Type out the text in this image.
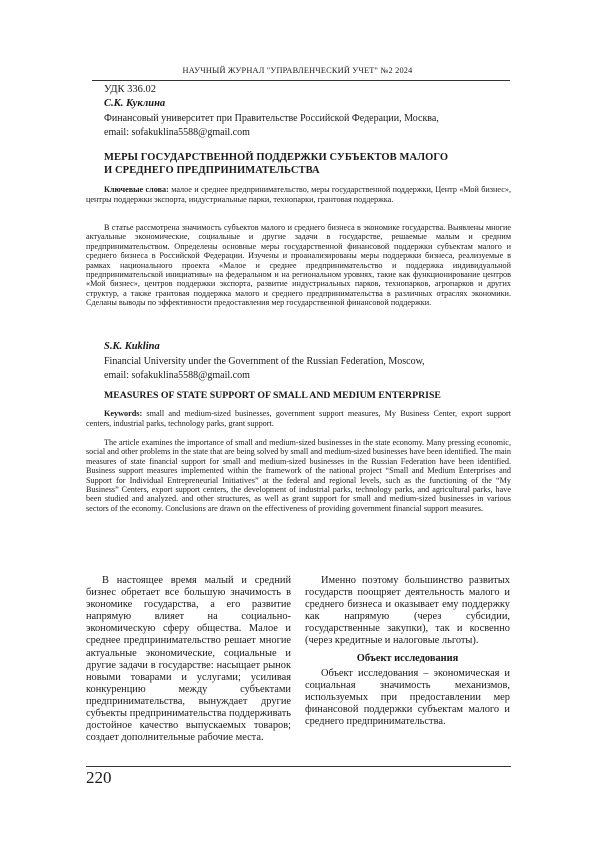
НАУЧНЫЙ ЖУРНАЛ "УПРАВЛЕНЧЕСКИЙ УЧЕТ" №2 2024
УДК 336.02
С.К. Куклина
Финансовый университет при Правительстве Российской Федерации, Москва,
email: sofakuklina5588@gmail.com
МЕРЫ ГОСУДАРСТВЕННОЙ ПОДДЕРЖКИ СУБЪЕКТОВ МАЛОГО
И СРЕДНЕГО ПРЕДПРИНИМАТЕЛЬСТВА
Ключевые слова: малое и среднее предпринимательство, меры государственной поддержки, Центр «Мой бизнес», центры поддержки экспорта, индустриальные парки, технопарки, грантовая поддержка.
В статье рассмотрена значимость субъектов малого и среднего бизнеса в экономике государства. Выявлены многие актуальные экономические, социальные и другие задачи в государстве, решаемые малым и средним предпринимательством. Определены основные меры государственной финансовой поддержки субъектам малого и среднего бизнеса в Российской Федерации. Изучены и проанализированы меры поддержки бизнеса, реализуемые в рамках национального проекта «Малое и среднее предпринимательство и поддержка индивидуальной предпринимательской инициативы» на федеральном и на региональном уровнях, такие как функционирование центров «Мой бизнес», центров поддержки экспорта, развитие индустриальных парков, технопарков, агропарков и других структур, а также грантовая поддержка малого и среднего предпринимательства в различных отраслях экономики. Сделаны выводы по эффективности предоставления мер государственной финансовой поддержки.
S.K. Kuklina
Financial University under the Government of the Russian Federation, Moscow,
email: sofakuklina5588@gmail.com
MEASURES OF STATE SUPPORT OF SMALL AND MEDIUM ENTERPRISE
Keywords: small and medium-sized businesses, government support measures, My Business Center, export support centers, industrial parks, technology parks, grant support.
The article examines the importance of small and medium-sized businesses in the state economy. Many pressing economic, social and other problems in the state that are being solved by small and medium-sized businesses have been identified. The main measures of state financial support for small and medium-sized businesses in the Russian Federation have been identified. Business support measures implemented within the framework of the national project “Small and Medium Enterprises and Support for Individual Entrepreneurial Initiatives” at the federal and regional levels, such as the functioning of the “My Business” Centers, export support centers, the development of industrial parks, technology parks, and agricultural parks, have been studied and analyzed. and other structures, as well as grant support for small and medium-sized businesses in various sectors of the economy. Conclusions are drawn on the effectiveness of providing government financial support measures.

В настоящее время малый и средний бизнес обретает все большую значимость в экономике государства, а его развитие напрямую влияет на социально-экономическую сферу общества. Малое и среднее предпринимательство решает многие актуальные экономические, социальные и другие задачи в государстве: насыщает рынок новыми товарами и услугами; усиливая конкуренцию между субъектами предпринимательства, вынуждает другие субъекты предпринимательства поддерживать достойное качество выпускаемых товаров; создает дополнительные рабочие места.

Именно поэтому большинство развитых государств поощряет деятельность малого и среднего бизнеса и оказывает ему поддержку как напрямую (через субсидии, государственные закупки), так и косвенно (через кредитные и налоговые льготы).

Объект исследования

Объект исследования – экономическая и социальная значимость механизмов, используемых при предоставлении мер финансовой поддержки субъектам малого и среднего предпринимательства.

220
